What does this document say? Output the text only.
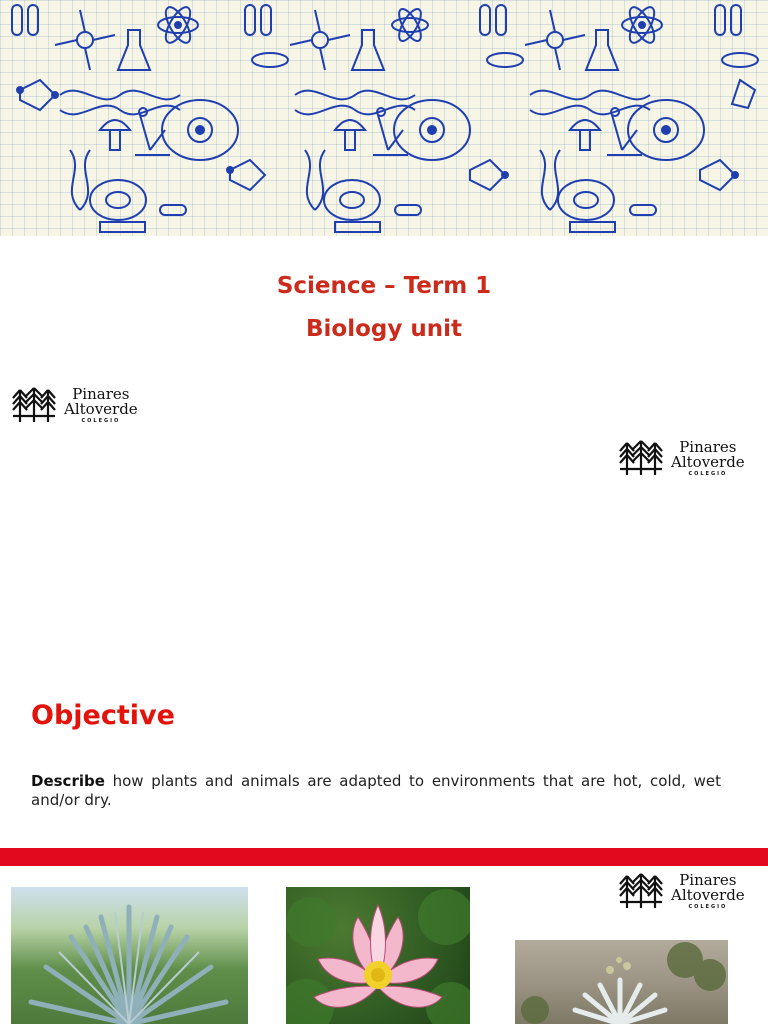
Science – Term 1
Biology unit
Pinares
Altoverde
COLEGIO
Pinares
Altoverde
COLEGIO
Objective
Describe how plants and animals are adapted to environments that are hot, cold, wet and/or dry.
Pinares
Altoverde
COLEGIO
